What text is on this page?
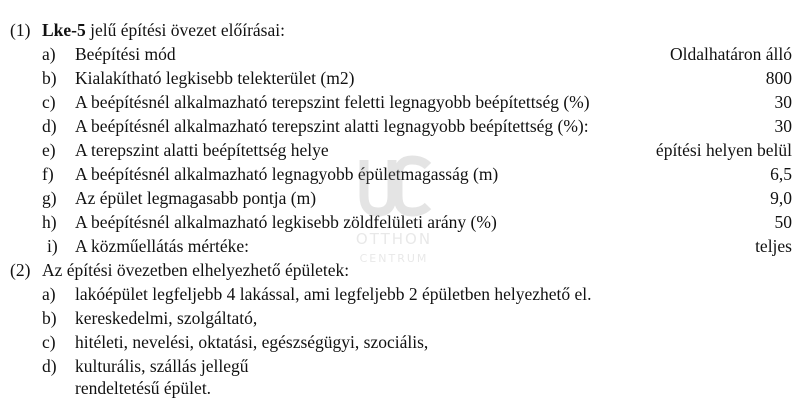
(1) Lke-5 jelű építési övezet előírásai:
a) Beépítési mód	Oldalhatáron álló
b) Kialakítható legkisebb telekterület (m2)	800
c) A beépítésnél alkalmazható terepszint feletti legnagyobb beépítettség (%)	30
d) A beépítésnél alkalmazható terepszint alatti legnagyobb beépítettség (%):	30
e) A terepszint alatti beépítettség helye	építési helyen belül
f) A beépítésnél alkalmazható legnagyobb épületmagasság (m)	6,5
g) Az épület legmagasabb pontja (m)	9,0
h) A beépítésnél alkalmazható legkisebb zöldfelületi arány (%)	50
i) A közműellátás mértéke:	teljes
(2) Az építési övezetben elhelyezhető épületek:
a) lakóépület legfeljebb 4 lakással, ami legfeljebb 2 épületben helyezhető el.
b) kereskedelmi, szolgáltató,
c) hitéleti, nevelési, oktatási, egészségügyi, szociális,
d) kulturális, szállás jellegű
rendeltetésű épület.
OTTHON
CENTRUM
